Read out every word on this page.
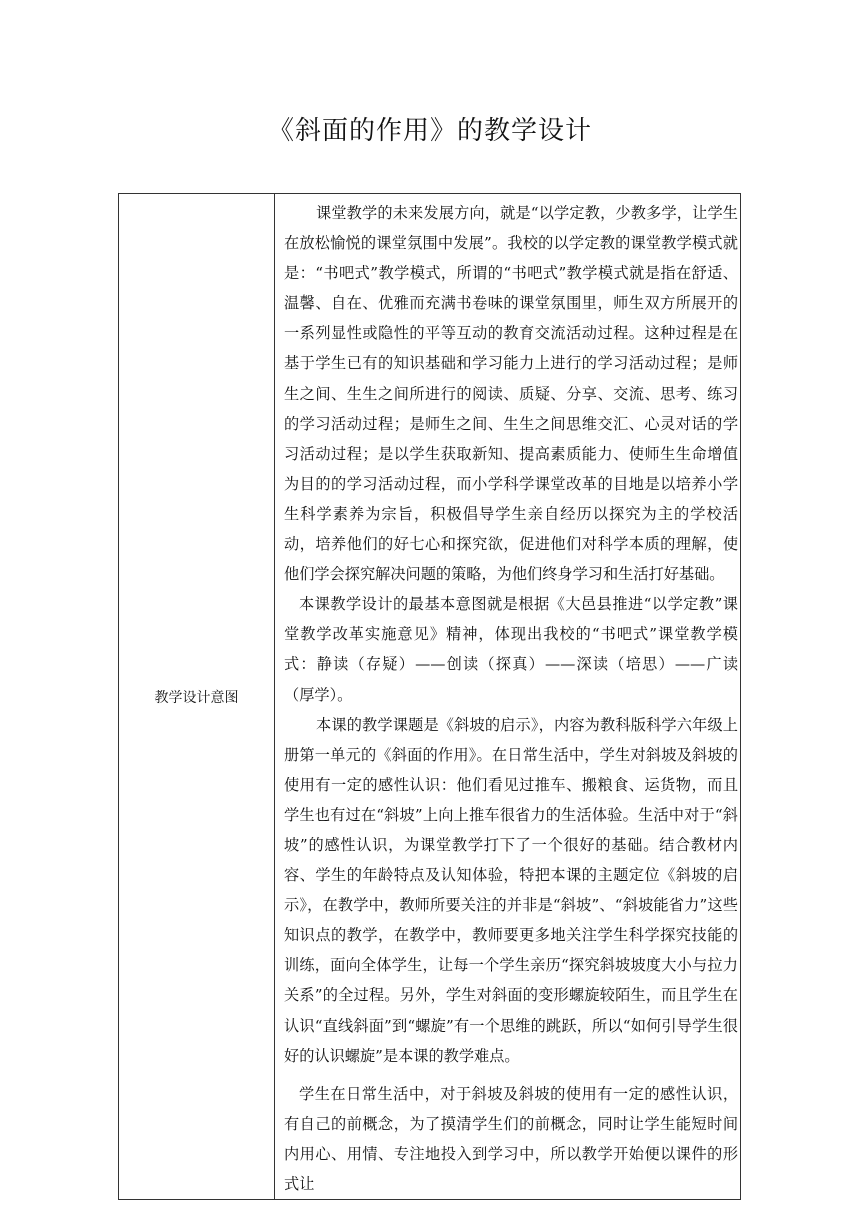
《斜面的作用》的教学设计
教学设计意图	

课堂教学的未来发展方向，就是“以学定教，少教多学，让学生在放松愉悦的课堂氛围中发展”。我校的以学定教的课堂教学模式就是：“书吧式”教学模式，所谓的“书吧式”教学模式就是指在舒适、温馨、自在、优雅而充满书卷味的课堂氛围里，师生双方所展开的一系列显性或隐性的平等互动的教育交流活动过程。这种过程是在基于学生已有的知识基础和学习能力上进行的学习活动过程；是师生之间、生生之间所进行的阅读、质疑、分享、交流、思考、练习的学习活动过程；是师生之间、生生之间思维交汇、心灵对话的学习活动过程；是以学生获取新知、提高素质能力、使师生生命增值为目的的学习活动过程，而小学科学课堂改革的目地是以培养小学生科学素养为宗旨，积极倡导学生亲自经历以探究为主的学校活动，培养他们的好七心和探究欲，促进他们对科学本质的理解，使他们学会探究解决问题的策略，为他们终身学习和生活打好基础。

本课教学设计的最基本意图就是根据《大邑县推进“以学定教”课堂教学改革实施意见》精神，体现出我校的“书吧式”课堂教学模式：静读（存疑）——创读（探真）——深读（培思）——广读（厚学）。

本课的教学课题是《斜坡的启示》，内容为教科版科学六年级上册第一单元的《斜面的作用》。在日常生活中，学生对斜坡及斜坡的使用有一定的感性认识：他们看见过推车、搬粮食、运货物，而且学生也有过在“斜坡”上向上推车很省力的生活体验。生活中对于“斜坡”的感性认识，为课堂教学打下了一个很好的基础。结合教材内容、学生的年龄特点及认知体验，特把本课的主题定位《斜坡的启示》，在教学中，教师所要关注的并非是“斜坡”、“斜坡能省力”这些知识点的教学，在教学中，教师要更多地关注学生科学探究技能的训练，面向全体学生，让每一个学生亲历“探究斜坡坡度大小与拉力关系”的全过程。另外，学生对斜面的变形螺旋较陌生，而且学生在认识“直线斜面”到“螺旋”有一个思维的跳跃，所以“如何引导学生很好的认识螺旋”是本课的教学难点。

学生在日常生活中，对于斜坡及斜坡的使用有一定的感性认识，有自己的前概念，为了摸清学生们的前概念，同时让学生能短时间内用心、用情、专注地投入到学习中，所以教学开始便以课件的形式让
